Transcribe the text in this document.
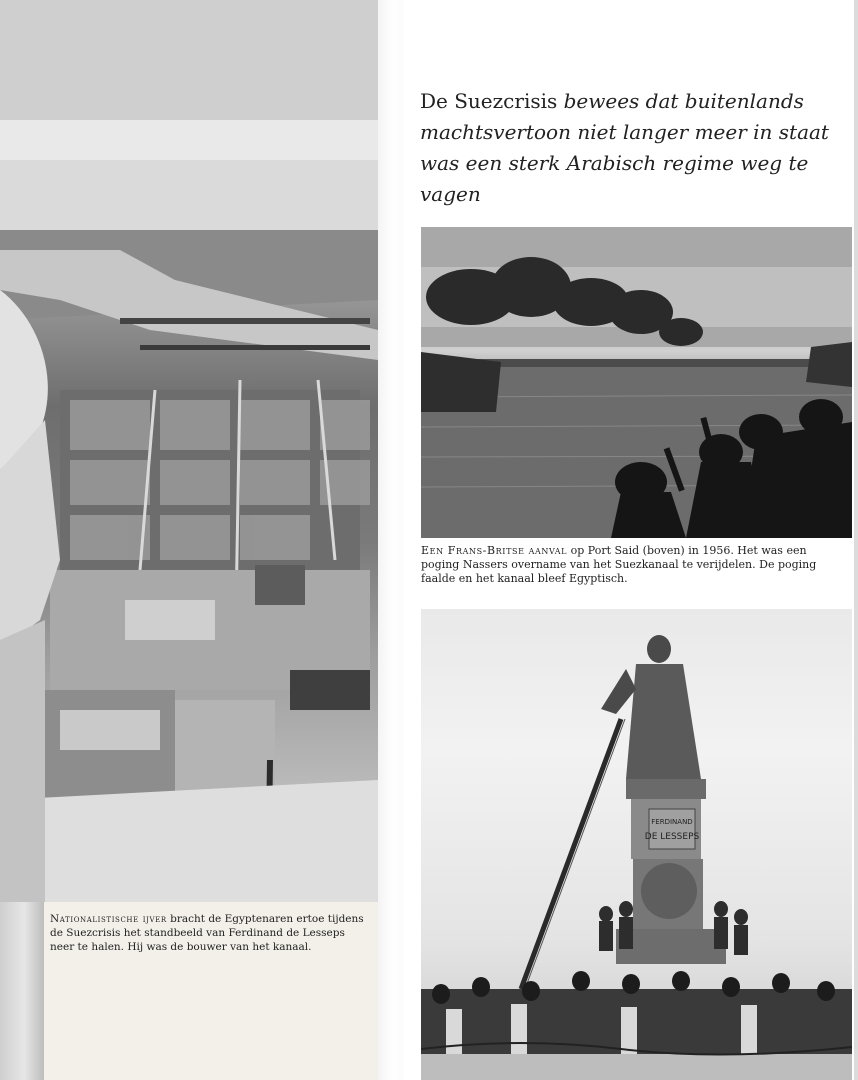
Nationalistische ijver bracht de Egyptenaren ertoe tijdens de Suezcrisis het standbeeld van Ferdinand de Lesseps neer te halen. Hij was de bouwer van het kanaal.
De Suezcrisis bewees dat buitenlands machtsvertoon niet langer meer in staat was een sterk Arabisch regime weg te vagen
Een Frans-Britse aanval op Port Said (boven) in 1956. Het was een poging Nassers overname van het Suezkanaal te verijdelen. De poging faalde en het kanaal bleef Egyptisch.
FERDINAND
DE LESSEPS
